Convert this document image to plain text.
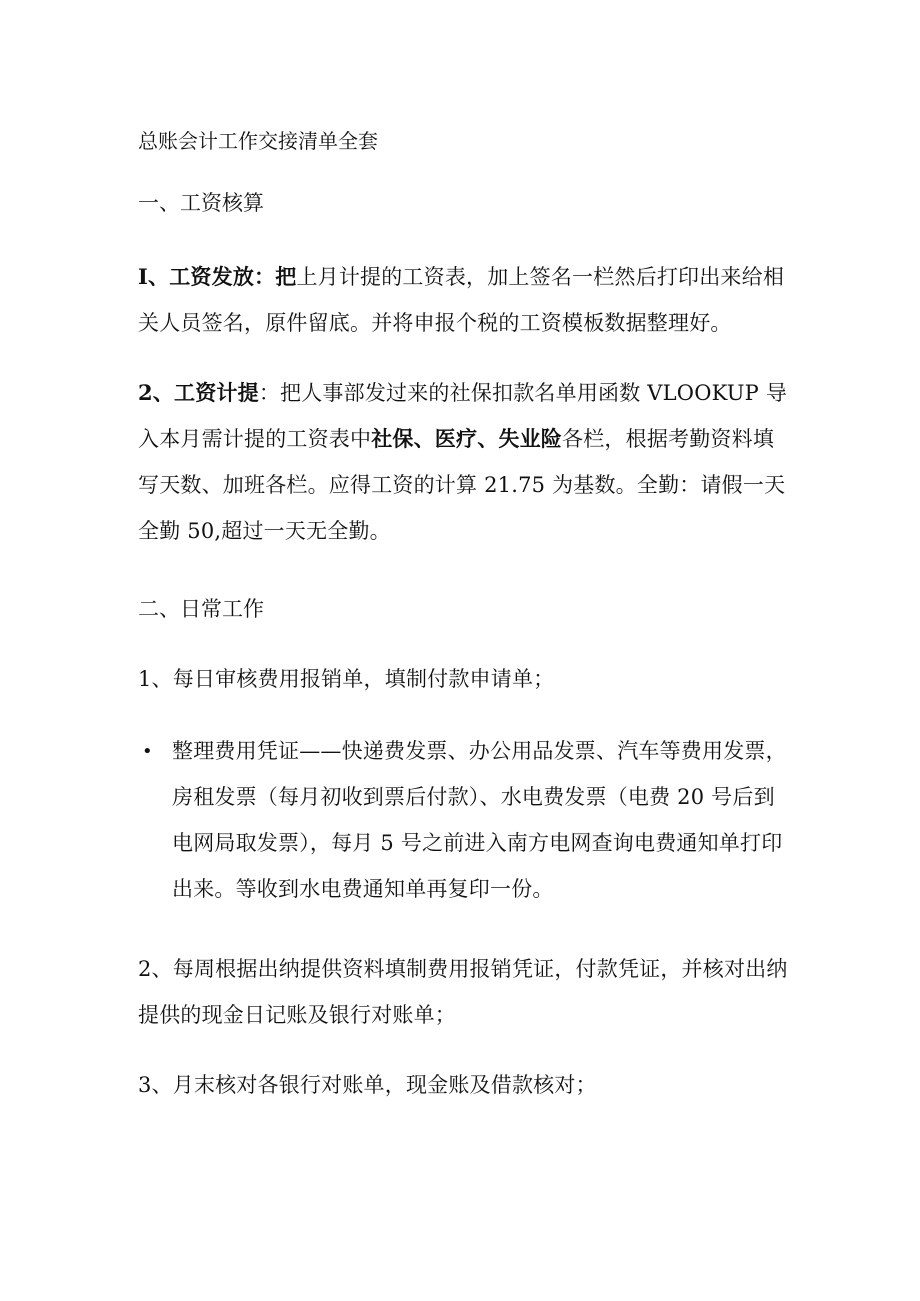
总账会计工作交接清单全套
一、工资核算

I、工资发放：把上月计提的工资表，加上签名一栏然后打印出来给相关人员签名，原件留底。并将申报个税的工资模板数据整理好。

2、工资计提：把人事部发过来的社保扣款名单用函数 VLOOKUP 导入本月需计提的工资表中社保、医疗、失业险各栏，根据考勤资料填写天数、加班各栏。应得工资的计算 21.75 为基数。全勤：请假一天全勤 50,超过一天无全勤。

二、日常工作

1、每日审核费用报销单，填制付款申请单；

• 整理费用凭证——快递费发票、办公用品发票、汽车等费用发票，房租发票（每月初收到票后付款）、水电费发票（电费 20 号后到电网局取发票），每月 5 号之前进入南方电网查询电费通知单打印出来。等收到水电费通知单再复印一份。

2、每周根据出纳提供资料填制费用报销凭证，付款凭证，并核对出纳提供的现金日记账及银行对账单；

3、月末核对各银行对账单，现金账及借款核对；
